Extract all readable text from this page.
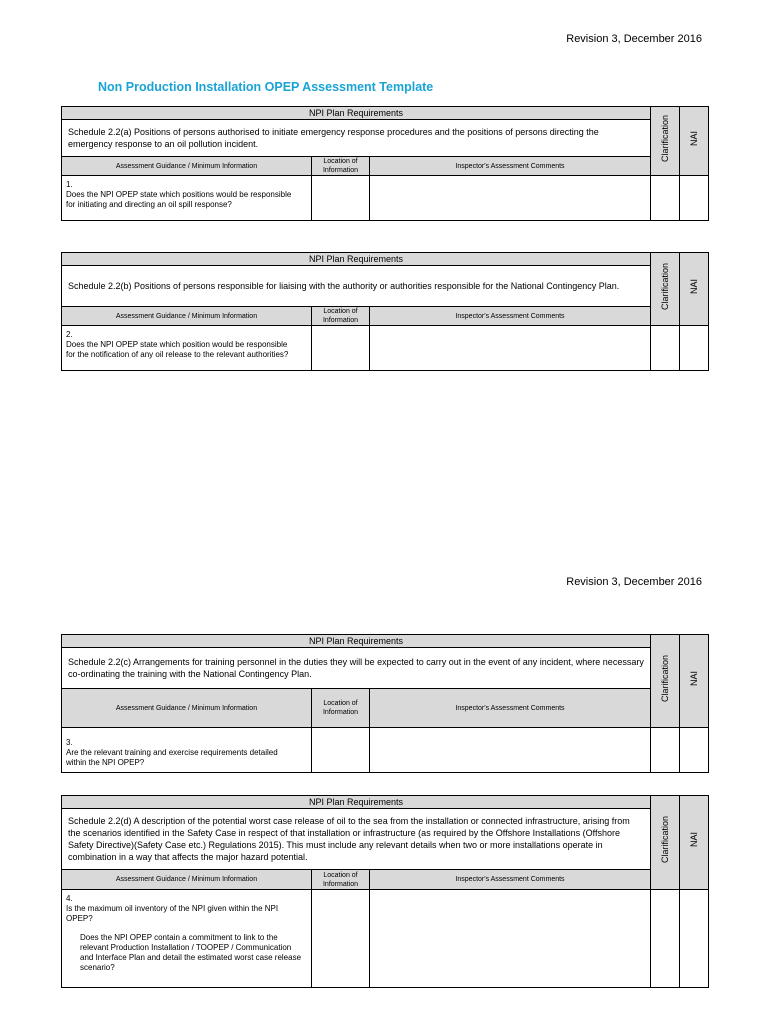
Revision 3, December 2016
Non Production Installation OPEP Assessment Template
NPI Plan Requirements			Clarification	NAI
Schedule 2.2(a) Positions of persons authorised to initiate emergency response procedures and the positions of persons directing the emergency response to an oil pollution incident.				
Assessment Guidance / Minimum Information	Location of Information	Inspector's Assessment Comments		
1.Does the NPI OPEP state which positions would be responsible for initiating and directing an oil spill response?				
NPI Plan Requirements			Clarification	NAI
Schedule 2.2(b) Positions of persons responsible for liaising with the authority or authorities responsible for the National Contingency Plan.				
Assessment Guidance / Minimum Information	Location of Information	Inspector's Assessment Comments		
2.Does the NPI OPEP state which position would be responsible for the notification of any oil release to the relevant authorities?				
Revision 3, December 2016
NPI Plan Requirements			Clarification	NAI
Schedule 2.2(c) Arrangements for training personnel in the duties they will be expected to carry out in the event of any incident, where necessary co-ordinating the training with the National Contingency Plan.				
Assessment Guidance / Minimum Information	Location of Information	Inspector's Assessment Comments		
3.Are the relevant training and exercise requirements detailed within the NPI OPEP?				
NPI Plan Requirements			Clarification	NAI
Schedule 2.2(d) A description of the potential worst case release of oil to the sea from the installation or connected infrastructure, arising from the scenarios identified in the Safety Case in respect of that installation or infrastructure (as required by the Offshore Installations (Offshore Safety Directive)(Safety Case etc.) Regulations 2015). This must include any relevant details when two or more installations operate in combination in a way that affects the major hazard potential.				
Assessment Guidance / Minimum Information	Location of Information	Inspector's Assessment Comments		
4.Is the maximum oil inventory of the NPI given within the NPI OPEP?
Does the NPI OPEP contain a commitment to link to the relevant Production Installation / TOOPEP / Communication and Interface Plan and detail the estimated worst case release scenario?				
